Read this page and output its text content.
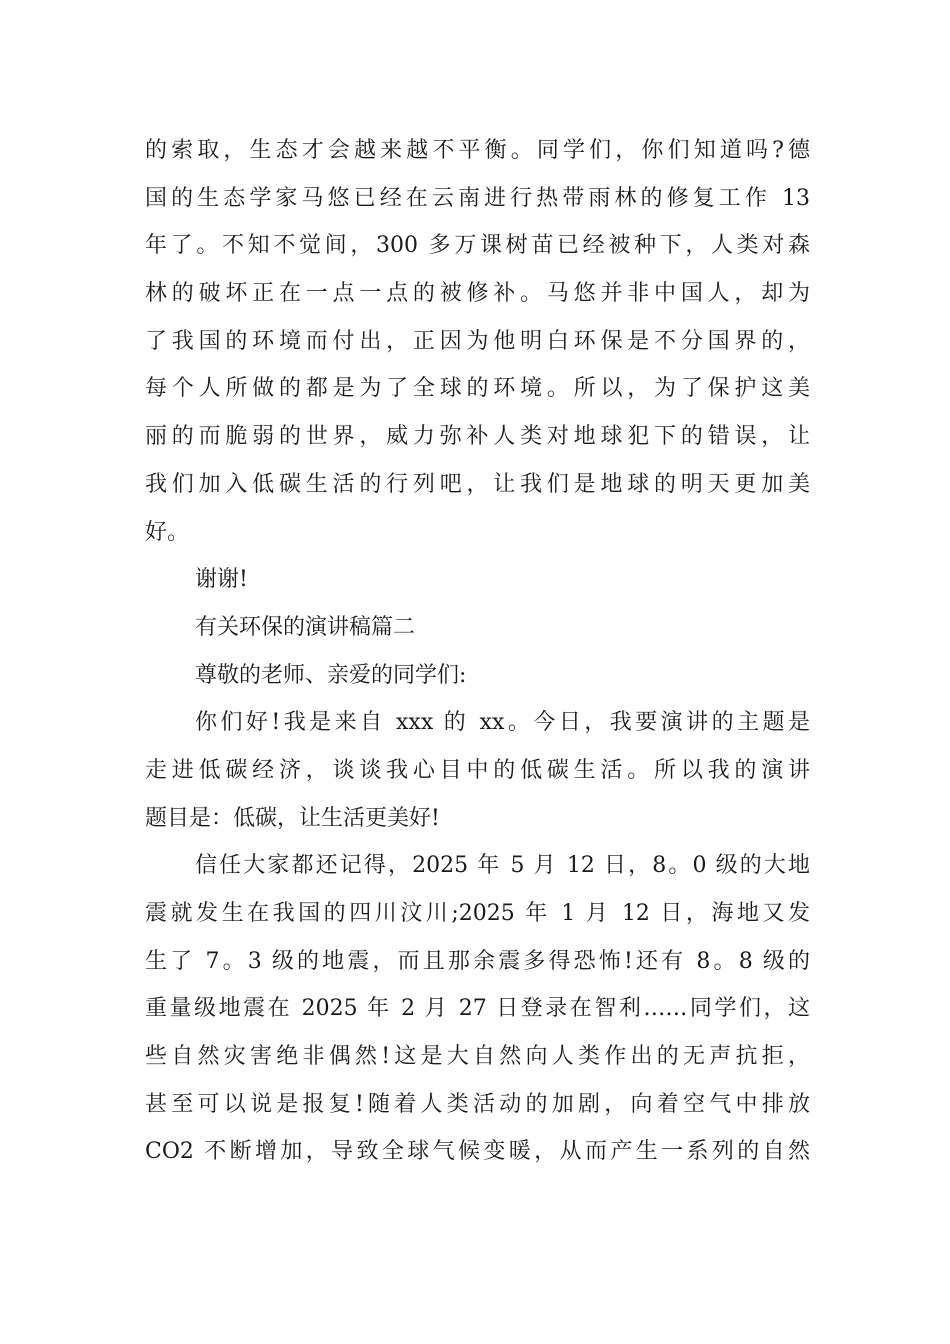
的索取，生态才会越来越不平衡。同学们，你们知道吗?德
国的生态学家马悠已经在云南进行热带雨林的修复工作 13
年了。不知不觉间，300 多万课树苗已经被种下，人类对森
林的破坏正在一点一点的被修补。马悠并非中国人，却为
了我国的环境而付出，正因为他明白环保是不分国界的，
每个人所做的都是为了全球的环境。所以，为了保护这美
丽的而脆弱的世界，威力弥补人类对地球犯下的错误，让
我们加入低碳生活的行列吧，让我们是地球的明天更加美
好。
谢谢!
有关环保的演讲稿篇二
尊敬的老师、亲爱的同学们:
你们好!我是来自 xxx 的 xx。今日，我要演讲的主题是
走进低碳经济，谈谈我心目中的低碳生活。所以我的演讲
题目是：低碳，让生活更美好!
信任大家都还记得，2025 年 5 月 12 日，8。0 级的大地
震就发生在我国的四川汶川;2025 年 1 月 12 日，海地又发
生了 7。3 级的地震，而且那余震多得恐怖!还有 8。8 级的
重量级地震在 2025 年 2 月 27 日登录在智利……同学们，这
些自然灾害绝非偶然!这是大自然向人类作出的无声抗拒，
甚至可以说是报复!随着人类活动的加剧，向着空气中排放
CO2 不断增加，导致全球气候变暖，从而产生一系列的自然
